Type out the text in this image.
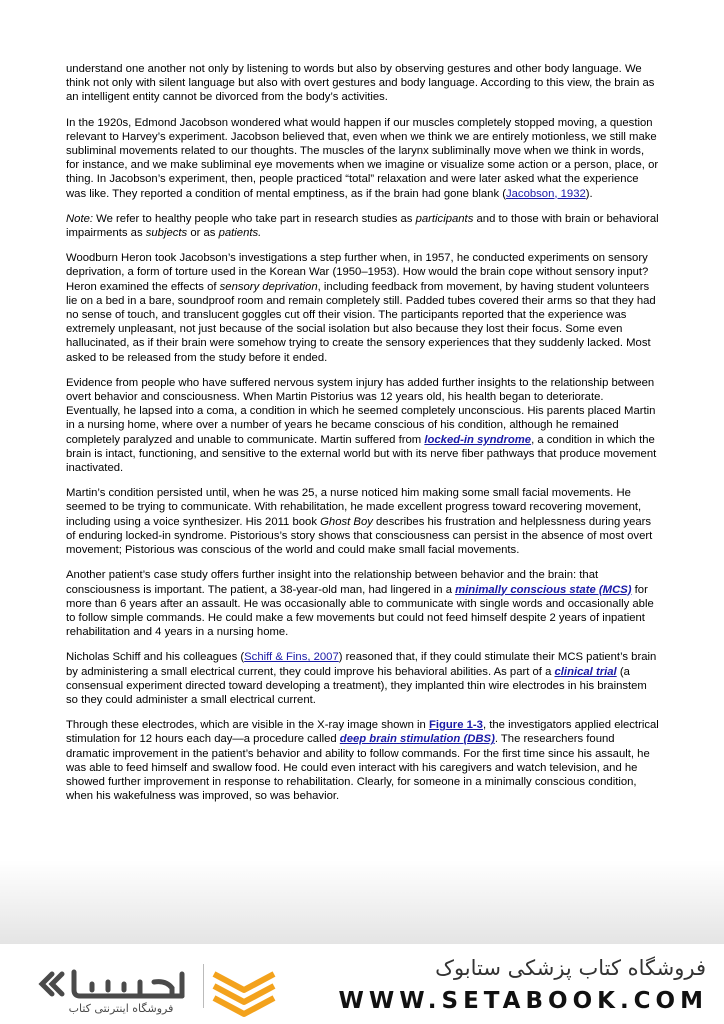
understand one another not only by listening to words but also by observing gestures and other body language. We think not only with silent language but also with overt gestures and body language. According to this view, the brain as an intelligent entity cannot be divorced from the body’s activities.

In the 1920s, Edmond Jacobson wondered what would happen if our muscles completely stopped moving, a question relevant to Harvey’s experiment. Jacobson believed that, even when we think we are entirely motionless, we still make subliminal movements related to our thoughts. The muscles of the larynx subliminally move when we think in words, for instance, and we make subliminal eye movements when we imagine or visualize some action or a person, place, or thing. In Jacobson’s experiment, then, people practiced “total” relaxation and were later asked what the experience was like. They reported a condition of mental emptiness, as if the brain had gone blank (Jacobson, 1932).

Note: We refer to healthy people who take part in research studies as participants and to those with brain or behavioral impairments as subjects or as patients.

Woodburn Heron took Jacobson’s investigations a step further when, in 1957, he conducted experiments on sensory deprivation, a form of torture used in the Korean War (1950–1953). How would the brain cope without sensory input? Heron examined the effects of sensory deprivation, including feedback from movement, by having student volunteers lie on a bed in a bare, soundproof room and remain completely still. Padded tubes covered their arms so that they had no sense of touch, and translucent goggles cut off their vision. The participants reported that the experience was extremely unpleasant, not just because of the social isolation but also because they lost their focus. Some even hallucinated, as if their brain were somehow trying to create the sensory experiences that they suddenly lacked. Most asked to be released from the study before it ended.

Evidence from people who have suffered nervous system injury has added further insights to the relationship between overt behavior and consciousness. When Martin Pistorius was 12 years old, his health began to deteriorate. Eventually, he lapsed into a coma, a condition in which he seemed completely unconscious. His parents placed Martin in a nursing home, where over a number of years he became conscious of his condition, although he remained completely paralyzed and unable to communicate. Martin suffered from locked-in syndrome, a condition in which the brain is intact, functioning, and sensitive to the external world but with its nerve fiber pathways that produce movement inactivated.

Martin’s condition persisted until, when he was 25, a nurse noticed him making some small facial movements. He seemed to be trying to communicate. With rehabilitation, he made excellent progress toward recovering movement, including using a voice synthesizer. His 2011 book Ghost Boy describes his frustration and helplessness during years of enduring locked-in syndrome. Pistorious’s story shows that consciousness can persist in the absence of most overt movement; Pistorious was conscious of the world and could make small facial movements.

Another patient’s case study offers further insight into the relationship between behavior and the brain: that consciousness is important. The patient, a 38-year-old man, had lingered in a minimally conscious state (MCS) for more than 6 years after an assault. He was occasionally able to communicate with single words and occasionally able to follow simple commands. He could make a few movements but could not feed himself despite 2 years of inpatient rehabilitation and 4 years in a nursing home.

Nicholas Schiff and his colleagues (Schiff & Fins, 2007) reasoned that, if they could stimulate their MCS patient’s brain by administering a small electrical current, they could improve his behavioral abilities. As part of a clinical trial (a consensual experiment directed toward developing a treatment), they implanted thin wire electrodes in his brainstem so they could administer a small electrical current.

Through these electrodes, which are visible in the X-ray image shown in Figure 1-3, the investigators applied electrical stimulation for 12 hours each day—a procedure called deep brain stimulation (DBS). The researchers found dramatic improvement in the patient’s behavior and ability to follow commands. For the first time since his assault, he was able to feed himself and swallow food. He could even interact with his caregivers and watch television, and he showed further improvement in response to rehabilitation. Clearly, for someone in a minimally conscious condition, when his wakefulness was improved, so was behavior.

فروشگاه اینترنتی کتاب
فروشگاه کتاب پزشکی ستابوک
WWW.SETABOOK.COM
